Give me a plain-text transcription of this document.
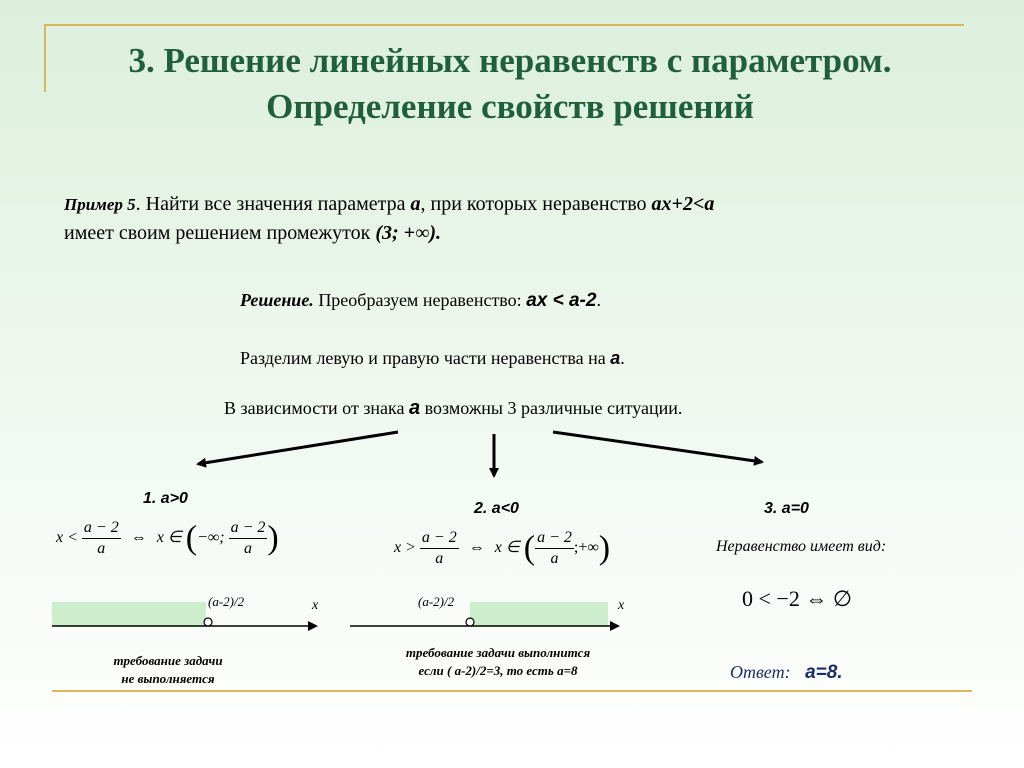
3. Решение линейных неравенств с параметром.
Определение свойств решений
Пример 5. Найти все значения параметра a, при которых неравенство ax+2<a
имеет своим решением промежуток (3; +∞).
Решение. Преобразуем неравенство: ax < a-2.
Разделим левую и правую части неравенства на a.
В зависимости от знака a возможны 3 различные ситуации.
1. a>0
$x < \frac{a - 2}{a}$ ⇔ x ∈ (−∞; $\frac{a - 2}{a}$ )
(a-2)/2	x
требование задачи
не выполняется
2. a<0
$x > \frac{a - 2}{a}$ ⇔ x ∈ ( $\frac{a - 2}{a}$ ;+∞)
(a-2)/2	x
требование задачи выполнится
если ( a-2)/2=3, то есть a=8
3. a=0
Неравенство имеет вид:
0 < −2 ⇔ ∅
Ответ: a=8.
